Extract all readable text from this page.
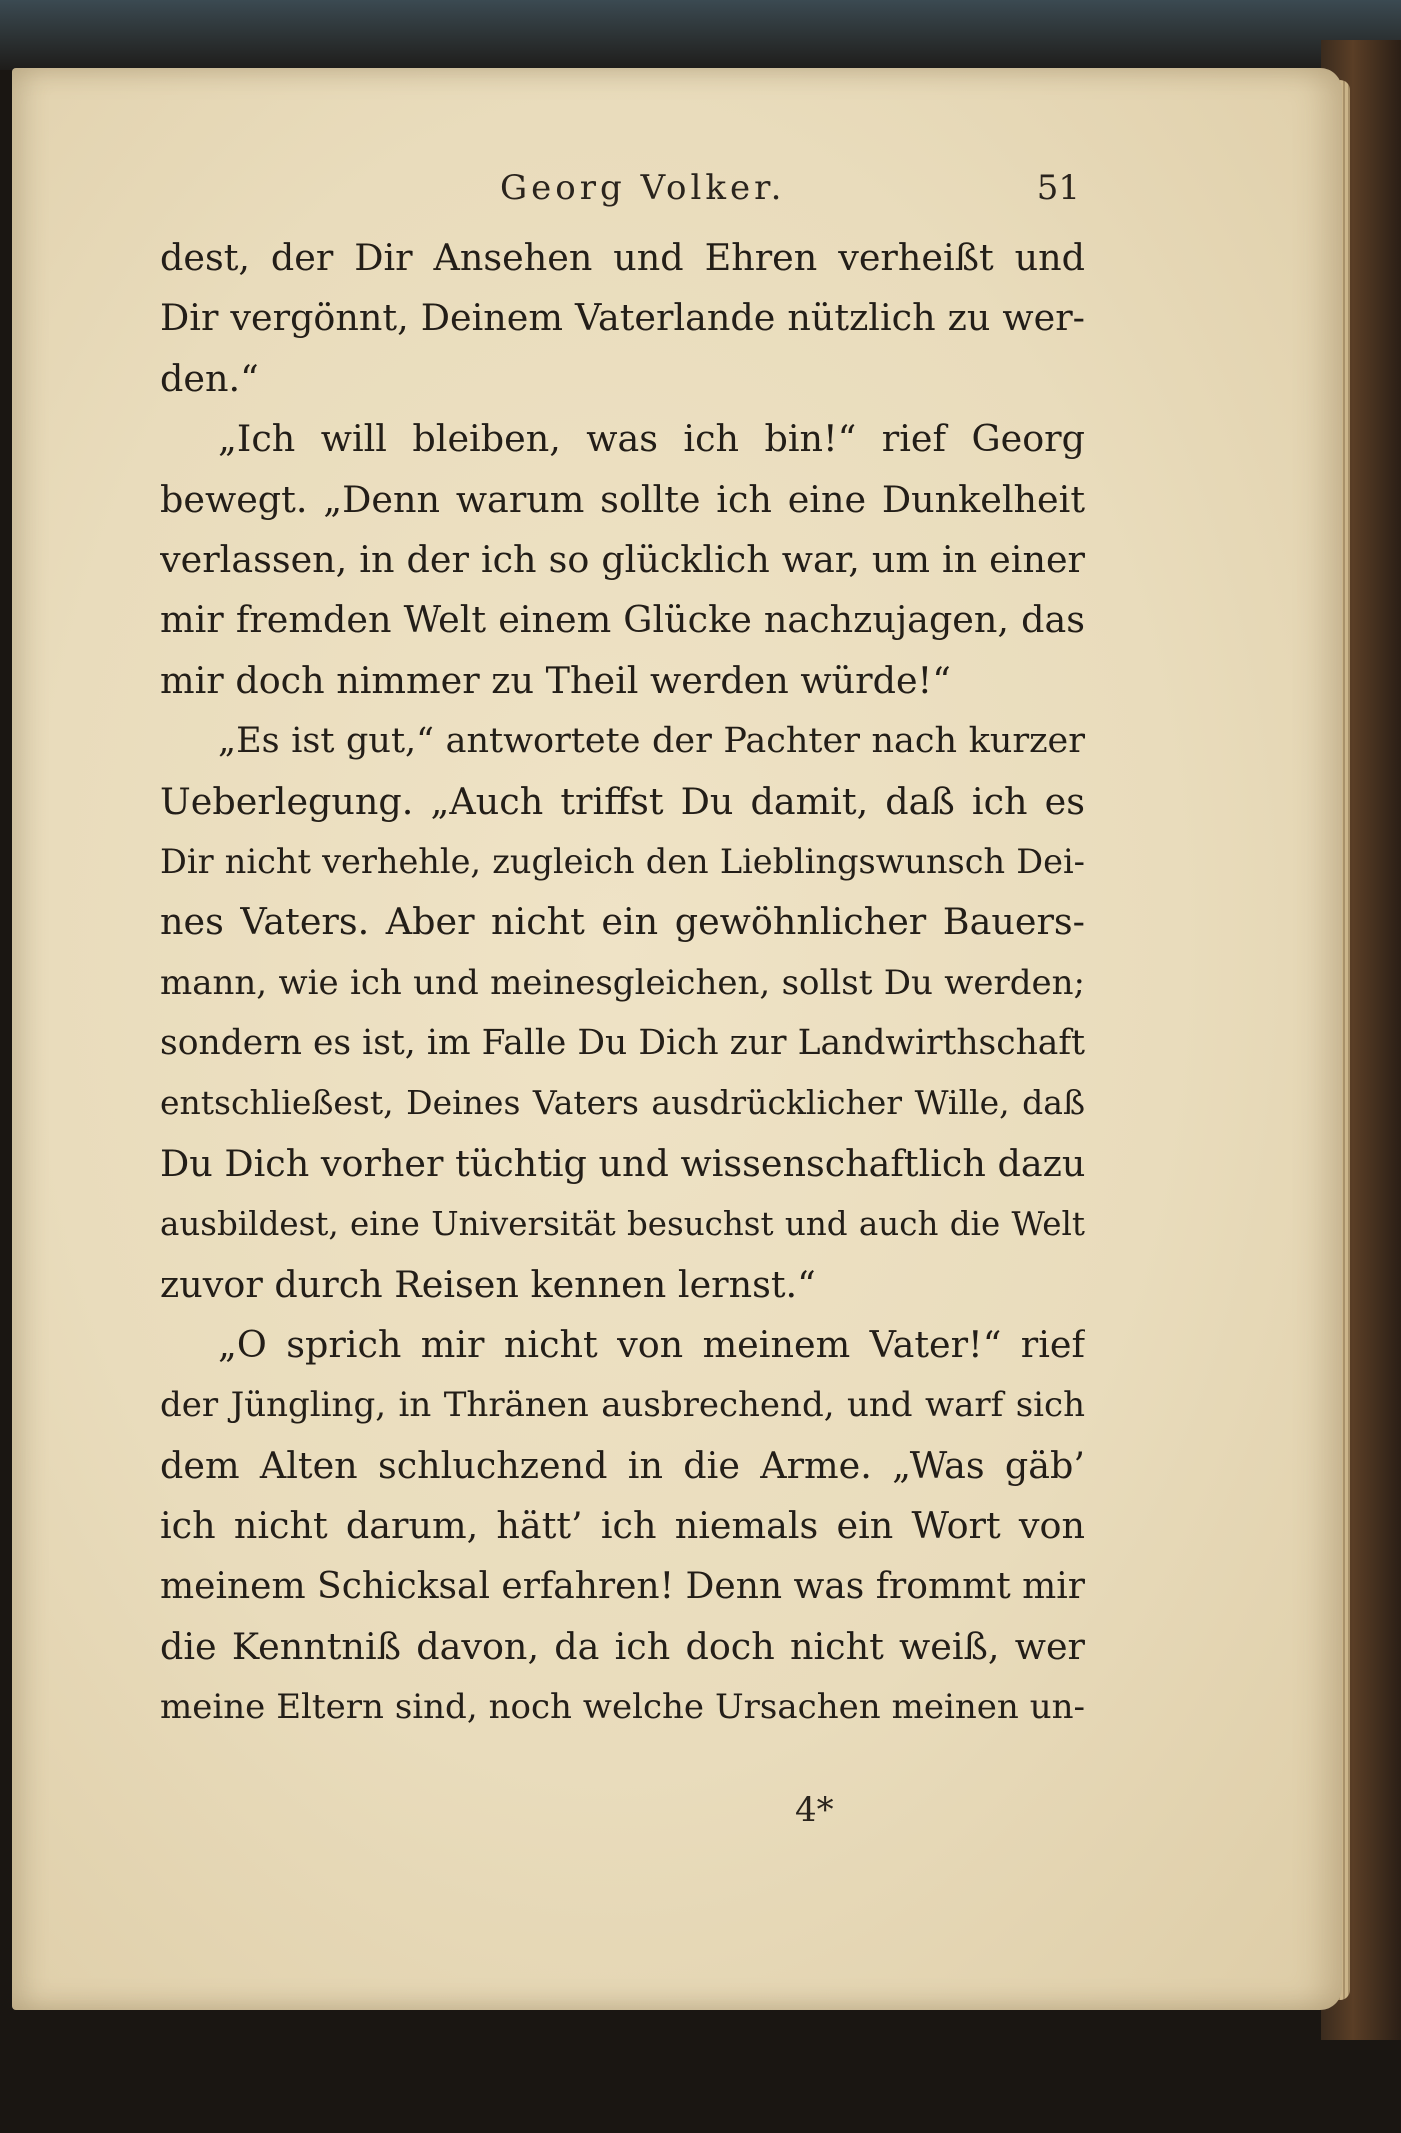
Georg Volker.	51
dest, der Dir Ansehen und Ehren verheißt und
Dir vergönnt, Deinem Vaterlande nützlich zu wer-
den.“
„Ich will bleiben, was ich bin!“ rief Georg
bewegt. „Denn warum sollte ich eine Dunkelheit
verlassen, in der ich so glücklich war, um in einer
mir fremden Welt einem Glücke nachzujagen, das
mir doch nimmer zu Theil werden würde!“
„Es ist gut,“ antwortete der Pachter nach kurzer
Ueberlegung. „Auch triffst Du damit, daß ich es
Dir nicht verhehle, zugleich den Lieblingswunsch Dei-
nes Vaters. Aber nicht ein gewöhnlicher Bauers-
mann, wie ich und meinesgleichen, sollst Du werden;
sondern es ist, im Falle Du Dich zur Landwirthschaft
entschließest, Deines Vaters ausdrücklicher Wille, daß
Du Dich vorher tüchtig und wissenschaftlich dazu
ausbildest, eine Universität besuchst und auch die Welt
zuvor durch Reisen kennen lernst.“
„O sprich mir nicht von meinem Vater!“ rief
der Jüngling, in Thränen ausbrechend, und warf sich
dem Alten schluchzend in die Arme. „Was gäb’
ich nicht darum, hätt’ ich niemals ein Wort von
meinem Schicksal erfahren! Denn was frommt mir
die Kenntniß davon, da ich doch nicht weiß, wer
meine Eltern sind, noch welche Ursachen meinen un-
4*
